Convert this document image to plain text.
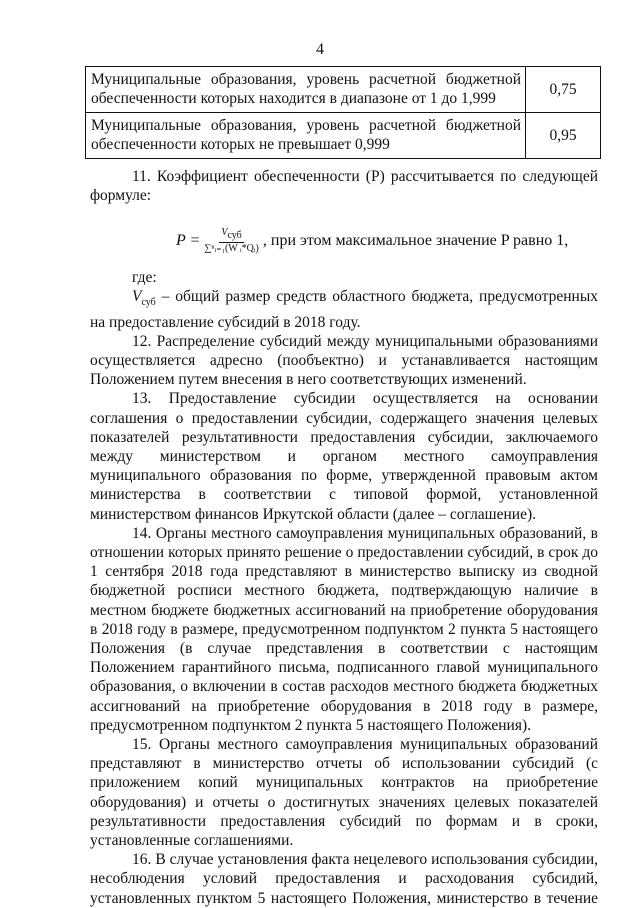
4
Муниципальные образования, уровень расчетной бюджетной обеспеченности которых находится в диапазоне от 1 до 1,999	0,75
Муниципальные образования, уровень расчетной бюджетной обеспеченности которых не превышает 0,999	0,95

11. Коэффициент обеспеченности (P) рассчитывается по следующей формуле:

$P = \frac{V_{суб}}{\text{∑ⁿᵢ₌₁(W ᵢ*Qᵢ)}}$ , при этом максимальное значение P равно 1,

где:

$V_{суб}$ – общий размер средств областного бюджета, предусмотренных на предоставление субсидий в 2018 году.

12. Распределение субсидий между муниципальными образованиями осуществляется адресно (пообъектно) и устанавливается настоящим Положением путем внесения в него соответствующих изменений.

13. Предоставление субсидии осуществляется на основании соглашения о предоставлении субсидии, содержащего значения целевых показателей результативности предоставления субсидии, заключаемого между министерством и органом местного самоуправления муниципального образования по форме, утвержденной правовым актом министерства в соответствии с типовой формой, установленной министерством финансов Иркутской области (далее – соглашение).

14. Органы местного самоуправления муниципальных образований, в отношении которых принято решение о предоставлении субсидий, в срок до 1 сентября 2018 года представляют в министерство выписку из сводной бюджетной росписи местного бюджета, подтверждающую наличие в местном бюджете бюджетных ассигнований на приобретение оборудования в 2018 году в размере, предусмотренном подпунктом 2 пункта 5 настоящего Положения (в случае представления в соответствии с настоящим Положением гарантийного письма, подписанного главой муниципального образования, о включении в состав расходов местного бюджета бюджетных ассигнований на приобретение оборудования в 2018 году в размере, предусмотренном подпунктом 2 пункта 5 настоящего Положения).

15. Органы местного самоуправления муниципальных образований представляют в министерство отчеты об использовании субсидий (с приложением копий муниципальных контрактов на приобретение оборудования) и отчеты о достигнутых значениях целевых показателей результативности предоставления субсидий по формам и в сроки, установленные соглашениями.

16. В случае установления факта нецелевого использования субсидии, несоблюдения условий предоставления и расходования субсидий, установленных пунктом 5 настоящего Положения, министерство в течение
